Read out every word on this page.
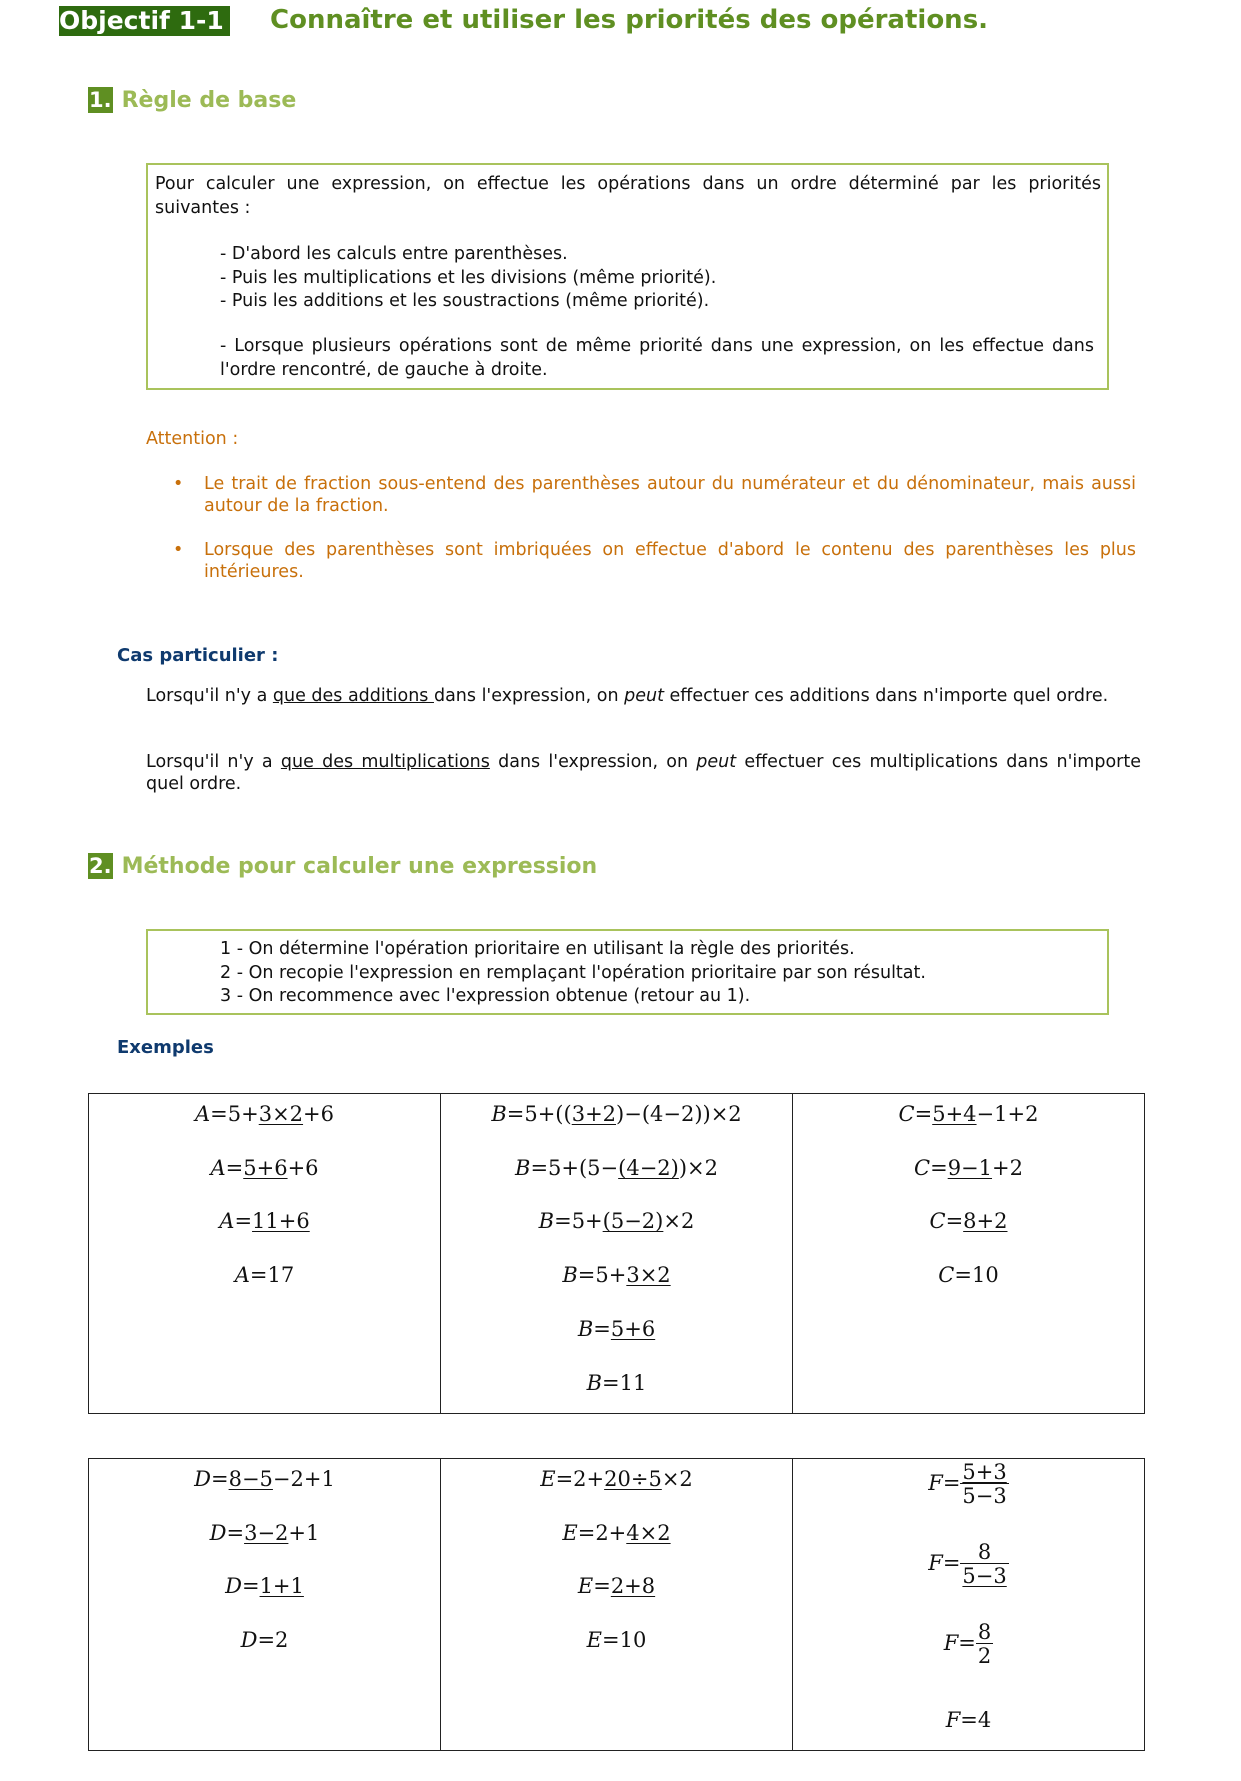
Objectif 1-1 Connaître et utiliser les priorités des opérations.
1. Règle de base
Pour calculer une expression, on effectue les opérations dans un ordre déterminé par les priorités suivantes :
- D'abord les calculs entre parenthèses.
- Puis les multiplications et les divisions (même priorité).
- Puis les additions et les soustractions (même priorité).
- Lorsque plusieurs opérations sont de même priorité dans une expression, on les effectue dans l'ordre rencontré, de gauche à droite.
Attention :
• Le trait de fraction sous-entend des parenthèses autour du numérateur et du dénominateur, mais aussi autour de la fraction.
• Lorsque des parenthèses sont imbriquées on effectue d'abord le contenu des parenthèses les plus intérieures.
Cas particulier :
Lorsqu'il n'y a que des additions dans l'expression, on peut effectuer ces additions dans n'importe quel ordre.
Lorsqu'il n'y a que des multiplications dans l'expression, on peut effectuer ces multiplications dans n'importe quel ordre.
2. Méthode pour calculer une expression
1 - On détermine l'opération prioritaire en utilisant la règle des priorités.
2 - On recopie l'expression en remplaçant l'opération prioritaire par son résultat.
3 - On recommence avec l'expression obtenue (retour au 1).
Exemples
A=5+3×2+6
A=5+6+6
A=11+6
A=17
B=5+((3+2)−(4−2))×2
B=5+(5−(4−2))×2
B=5+(5−2)×2
B=5+3×2
B=5+6
B=11
C=5+4−1+2
C=9−1+2
C=8+2
C=10
D=8−5−2+1
D=3−2+1
D=1+1
D=2
E=2+20÷5×2
E=2+4×2
E=2+8
E=10
$F= \frac{5+3}{5-3}$
$F= \frac{8}{5-3}$
$F= \frac{8}{2}$
F=4
